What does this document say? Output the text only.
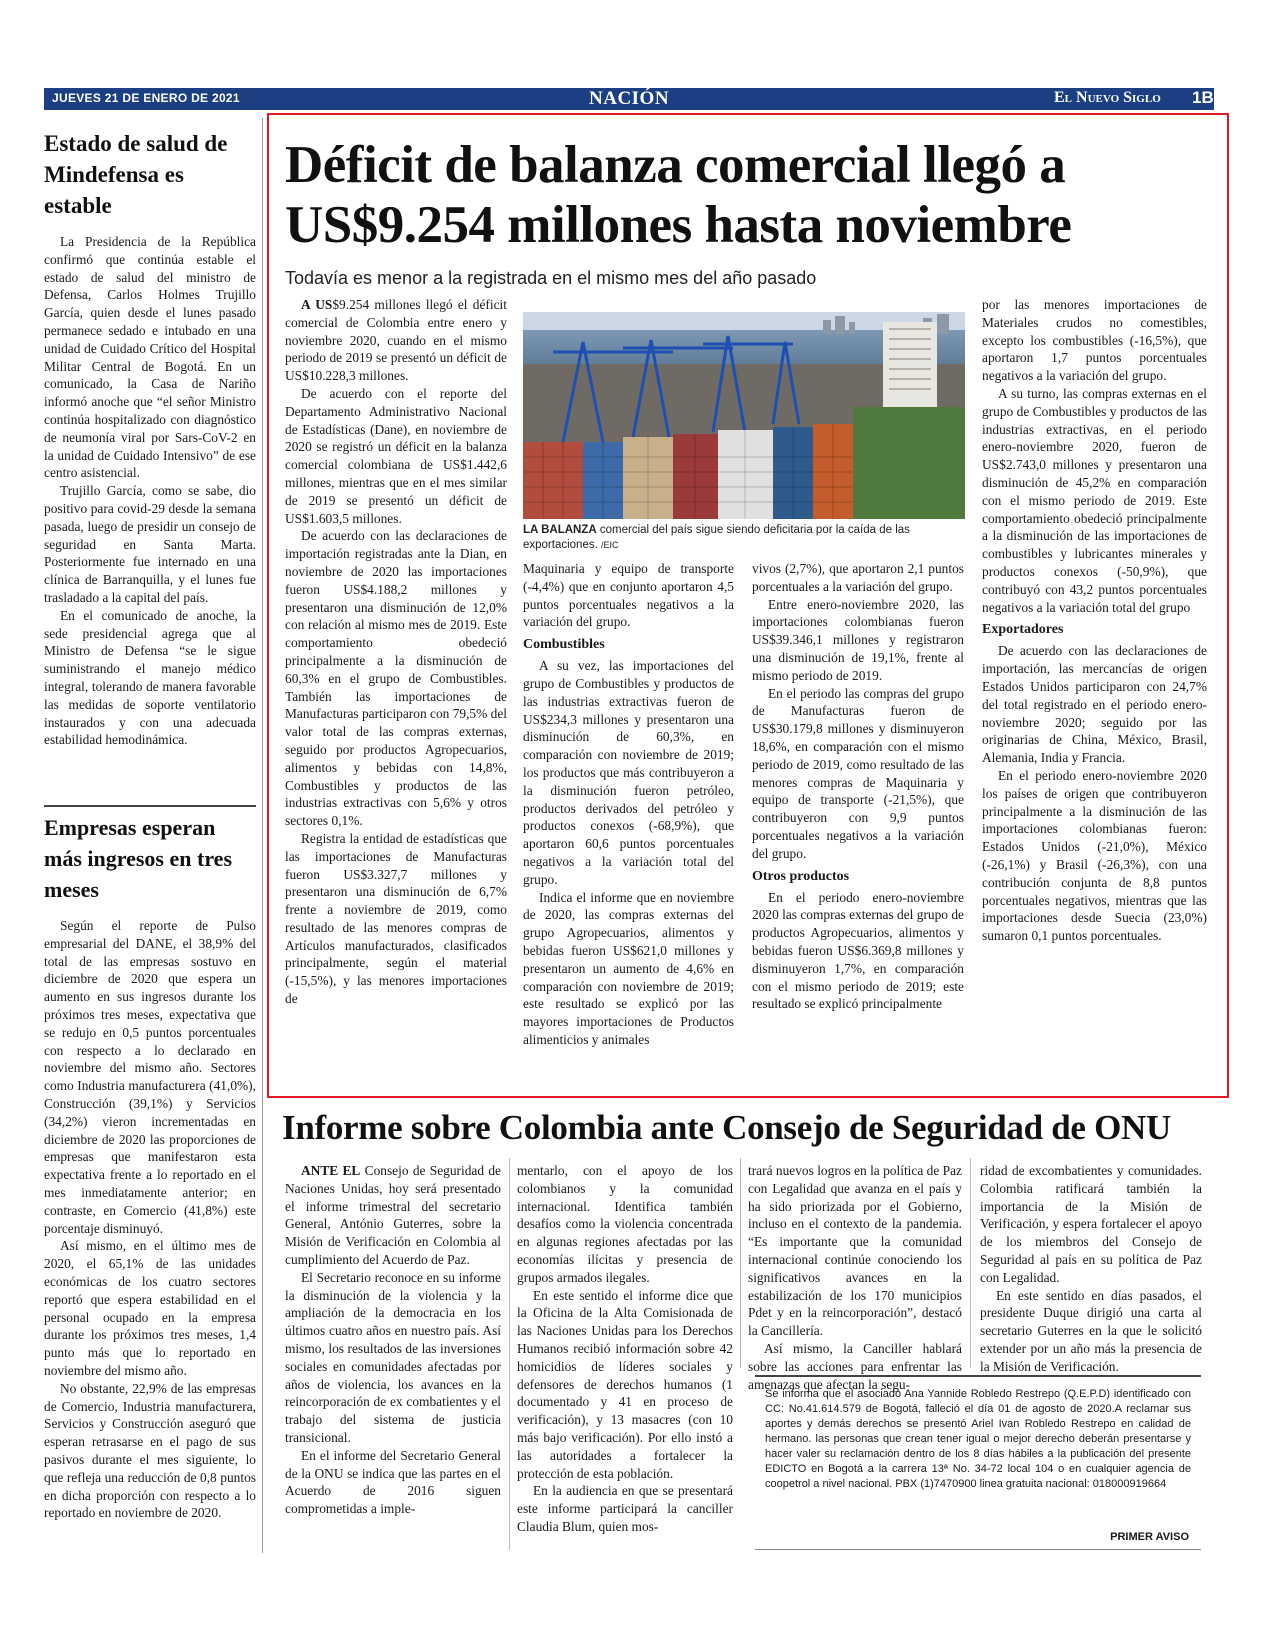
JUEVES 21 DE ENERO DE 2021	NACIÓN	El Nuevo Siglo 1B
Estado de salud de Mindefensa es estable

La Presidencia de la República confirmó que continúa estable el estado de salud del ministro de Defensa, Carlos Holmes Trujillo García, quien desde el lunes pasado permanece sedado e intubado en una unidad de Cuidado Crítico del Hospital Militar Central de Bogotá. En un comunicado, la Casa de Nariño informó anoche que “el señor Ministro continúa hospitalizado con diagnóstico de neumonía viral por Sars-CoV-2 en la unidad de Cuidado Intensivo” de ese centro asistencial.

Trujillo García, como se sabe, dio positivo para covid-29 desde la semana pasada, luego de presidir un consejo de seguridad en Santa Marta. Posteriormente fue internado en una clínica de Barranquilla, y el lunes fue trasladado a la capital del país.

En el comunicado de anoche, la sede presidencial agrega que al Ministro de Defensa “se le sigue suministrando el manejo médico integral, tolerando de manera favorable las medidas de soporte ventilatorio instaurados y con una adecuada estabilidad hemodinámica.

Empresas esperan más ingresos en tres meses

Según el reporte de Pulso empresarial del DANE, el 38,9% del total de las empresas sostuvo en diciembre de 2020 que espera un aumento en sus ingresos durante los próximos tres meses, expectativa que se redujo en 0,5 puntos porcentuales con respecto a lo declarado en noviembre del mismo año. Sectores como Industria manufacturera (41,0%), Construcción (39,1%) y Servicios (34,2%) vieron incrementadas en diciembre de 2020 las proporciones de empresas que manifestaron esta expectativa frente a lo reportado en el mes inmediatamente anterior; en contraste, en Comercio (41,8%) este porcentaje disminuyó.

Así mismo, en el último mes de 2020, el 65,1% de las unidades económicas de los cuatro sectores reportó que espera estabilidad en el personal ocupado en la empresa durante los próximos tres meses, 1,4 punto más que lo reportado en noviembre del mismo año.

No obstante, 22,9% de las empresas de Comercio, Industria manufacturera, Servicios y Construcción aseguró que esperan retrasarse en el pago de sus pasivos durante el mes siguiente, lo que refleja una reducción de 0,8 puntos en dicha proporción con respecto a lo reportado en noviembre de 2020.

Déficit de balanza comercial llegó a US$9.254 millones hasta noviembre
Todavía es menor a la registrada en el mismo mes del año pasado
LA BALANZA comercial del país sigue siendo deficitaria por la caída de las exportaciones. /EIC

A US$9.254 millones llegó el déficit comercial de Colombia entre enero y noviembre 2020, cuando en el mismo periodo de 2019 se presentó un déficit de US$10.228,3 millones.

De acuerdo con el reporte del Departamento Administrativo Nacional de Estadísticas (Dane), en noviembre de 2020 se registró un déficit en la balanza comercial colombiana de US$1.442,6 millones, mientras que en el mes similar de 2019 se presentó un déficit de US$1.603,5 millones.

De acuerdo con las declaraciones de importación registradas ante la Dian, en noviembre de 2020 las importaciones fueron US$4.188,2 millones y presentaron una disminución de 12,0% con relación al mismo mes de 2019. Este comportamiento obedeció principalmente a la disminución de 60,3% en el grupo de Combustibles. También las importaciones de Manufacturas participaron con 79,5% del valor total de las compras externas, seguido por productos Agropecuarios, alimentos y bebidas con 14,8%, Combustibles y productos de las industrias extractivas con 5,6% y otros sectores 0,1%.

Registra la entidad de estadísticas que las importaciones de Manufacturas fueron US$3.327,7 millones y presentaron una disminución de 6,7% frente a noviembre de 2019, como resultado de las menores compras de Artículos manufacturados, clasificados principalmente, según el material (-15,5%), y las menores importaciones de

Maquinaria y equipo de transporte (-4,4%) que en conjunto aportaron 4,5 puntos porcentuales negativos a la variación del grupo.

Combustibles

A su vez, las importaciones del grupo de Combustibles y productos de las industrias extractivas fueron de US$234,3 millones y presentaron una disminución de 60,3%, en comparación con noviembre de 2019; los productos que más contribuyeron a la disminución fueron petróleo, productos derivados del petróleo y productos conexos (-68,9%), que aportaron 60,6 puntos porcentuales negativos a la variación total del grupo.

Indica el informe que en noviembre de 2020, las compras externas del grupo Agropecuarios, alimentos y bebidas fueron US$621,0 millones y presentaron un aumento de 4,6% en comparación con noviembre de 2019; este resultado se explicó por las mayores importaciones de Productos alimenticios y animales

vivos (2,7%), que aportaron 2,1 puntos porcentuales a la variación del grupo.

Entre enero-noviembre 2020, las importaciones colombianas fueron US$39.346,1 millones y registraron una disminución de 19,1%, frente al mismo periodo de 2019.

En el periodo las compras del grupo de Manufacturas fueron de US$30.179,8 millones y disminuyeron 18,6%, en comparación con el mismo periodo de 2019, como resultado de las menores compras de Maquinaria y equipo de transporte (-21,5%), que contribuyeron con 9,9 puntos porcentuales negativos a la variación del grupo.

Otros productos

En el periodo enero-noviembre 2020 las compras externas del grupo de productos Agropecuarios, alimentos y bebidas fueron US$6.369,8 millones y disminuyeron 1,7%, en comparación con el mismo periodo de 2019; este resultado se explicó principalmente

por las menores importaciones de Materiales crudos no comestibles, excepto los combustibles (-16,5%), que aportaron 1,7 puntos porcentuales negativos a la variación del grupo.

A su turno, las compras externas en el grupo de Combustibles y productos de las industrias extractivas, en el periodo enero-noviembre 2020, fueron de US$2.743,0 millones y presentaron una disminución de 45,2% en comparación con el mismo periodo de 2019. Este comportamiento obedeció principalmente a la disminución de las importaciones de combustibles y lubricantes minerales y productos conexos (-50,9%), que contribuyó con 43,2 puntos porcentuales negativos a la variación total del grupo

Exportadores

De acuerdo con las declaraciones de importación, las mercancías de origen Estados Unidos participaron con 24,7% del total registrado en el periodo enero-noviembre 2020; seguido por las originarias de China, México, Brasil, Alemania, India y Francia.

En el periodo enero-noviembre 2020 los países de origen que contribuyeron principalmente a la disminución de las importaciones colombianas fueron: Estados Unidos (-21,0%), México (-26,1%) y Brasil (-26,3%), con una contribución conjunta de 8,8 puntos porcentuales negativos, mientras que las importaciones desde Suecia (23,0%) sumaron 0,1 puntos porcentuales.

Informe sobre Colombia ante Consejo de Seguridad de ONU

ANTE EL Consejo de Seguridad de Naciones Unidas, hoy será presentado el informe trimestral del secretario General, António Guterres, sobre la Misión de Verificación en Colombia al cumplimiento del Acuerdo de Paz.

El Secretario reconoce en su informe la disminución de la violencia y la ampliación de la democracia en los últimos cuatro años en nuestro país. Así mismo, los resultados de las inversiones sociales en comunidades afectadas por años de violencia, los avances en la reincorporación de ex combatientes y el trabajo del sistema de justicia transicional.

En el informe del Secretario General de la ONU se indica que las partes en el Acuerdo de 2016 siguen comprometidas a imple-

mentarlo, con el apoyo de los colombianos y la comunidad internacional. Identifica también desafíos como la violencia concentrada en algunas regiones afectadas por las economías ilícitas y presencia de grupos armados ilegales.

En este sentido el informe dice que la Oficina de la Alta Comisionada de las Naciones Unidas para los Derechos Humanos recibió información sobre 42 homicidios de líderes sociales y defensores de derechos humanos (1 documentado y 41 en proceso de verificación), y 13 masacres (con 10 más bajo verificación). Por ello instó a las autoridades a fortalecer la protección de esta población.

En la audiencia en que se presentará este informe participará la canciller Claudia Blum, quien mos-

trará nuevos logros en la política de Paz con Legalidad que avanza en el país y ha sido priorizada por el Gobierno, incluso en el contexto de la pandemia. “Es importante que la comunidad internacional continúe conociendo los significativos avances en la estabilización de los 170 municipios Pdet y en la reincorporación”, destacó la Cancillería.

Así mismo, la Canciller hablará sobre las acciones para enfrentar las amenazas que afectan la segu-

ridad de excombatientes y comunidades. Colombia ratificará también la importancia de la Misión de Verificación, y espera fortalecer el apoyo de los miembros del Consejo de Seguridad al país en su política de Paz con Legalidad.

En este sentido en días pasados, el presidente Duque dirigió una carta al secretario Guterres en la que le solicitó extender por un año más la presencia de la Misión de Verificación.

Se informa que el asociado Ana Yannide Robledo Restrepo (Q.E.P.D) identificado con CC: No.41.614.579 de Bogotá, falleció el día 01 de agosto de 2020.A reclamar sus aportes y demás derechos se presentó Ariel Ivan Robledo Restrepo en calidad de hermano. las personas que crean tener igual o mejor derecho deberán presentarse y hacer valer su reclamación dentro de los 8 días hábiles a la publicación del presente EDICTO en Bogotá a la carrera 13ª No. 34-72 local 104 o en cualquier agencia de coopetrol a nivel nacional. PBX (1)7470900 linea gratuita nacional: 018000919664
PRIMER AVISO
